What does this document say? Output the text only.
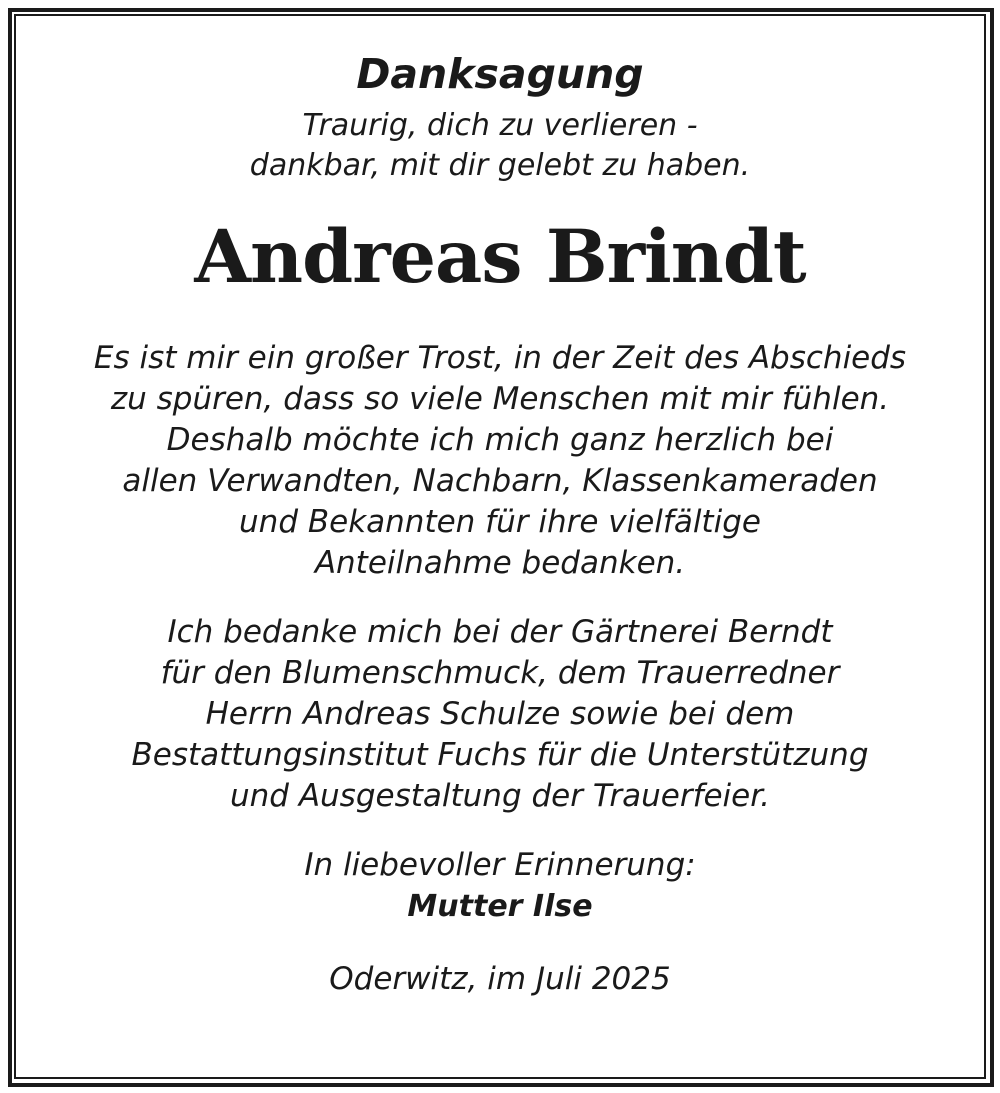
Danksagung
Traurig, dich zu verlieren -
dankbar, mit dir gelebt zu haben.
Andreas Brindt
Es ist mir ein großer Trost, in der Zeit des Abschieds
zu spüren, dass so viele Menschen mit mir fühlen.
Deshalb möchte ich mich ganz herzlich bei
allen Verwandten, Nachbarn, Klassenkameraden
und Bekannten für ihre vielfältige
Anteilnahme bedanken.
Ich bedanke mich bei der Gärtnerei Berndt
für den Blumenschmuck, dem Trauerredner
Herrn Andreas Schulze sowie bei dem
Bestattungsinstitut Fuchs für die Unterstützung
und Ausgestaltung der Trauerfeier.
In liebevoller Erinnerung:
Mutter Ilse
Oderwitz, im Juli 2025
